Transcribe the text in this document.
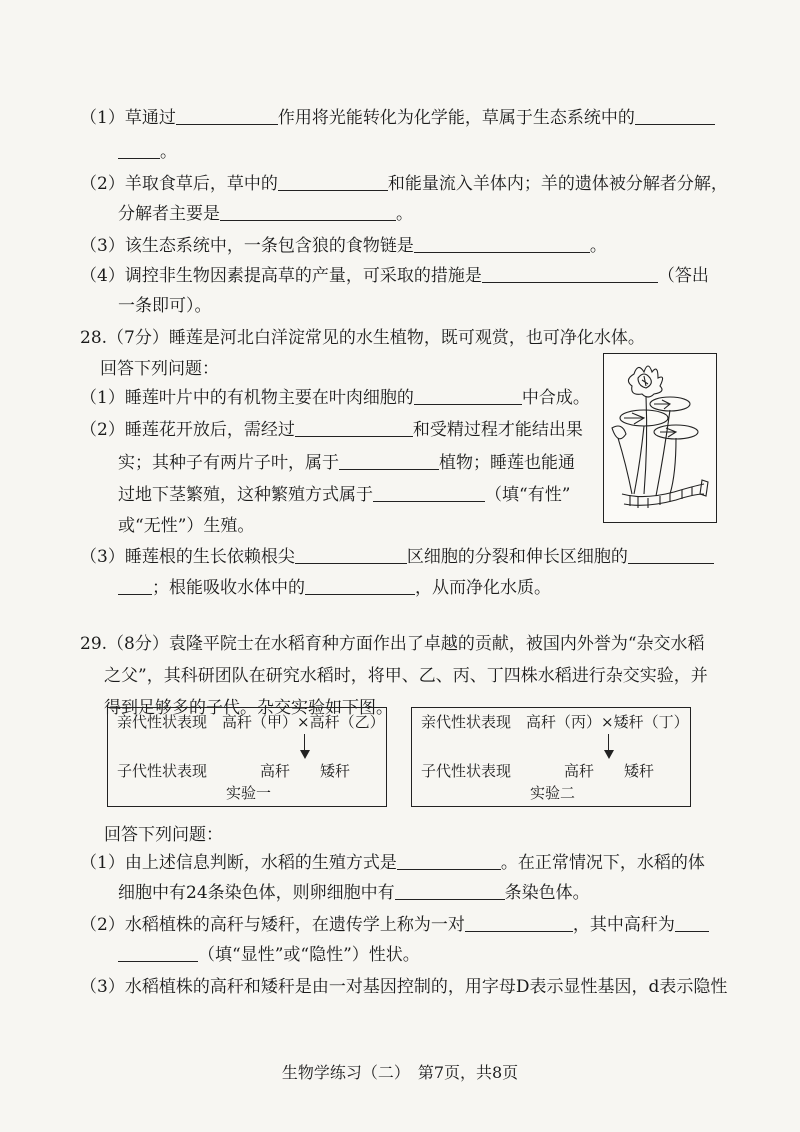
（1）草通过	作用将光能转化为化学能，草属于生态系统中的
。
（2）羊取食草后，草中的	和能量流入羊体内；羊的遗体被分解者分解，
分解者主要是	。
（3）该生态系统中，一条包含狼的食物链是	。
（4）调控非生物因素提高草的产量，可采取的措施是	（答出
一条即可）。
28.（7分）睡莲是河北白洋淀常见的水生植物，既可观赏，也可净化水体。
回答下列问题：
（1）睡莲叶片中的有机物主要在叶肉细胞的	中合成。
（2）睡莲花开放后，需经过	和受精过程才能结出果
实；其种子有两片子叶，属于	植物；睡莲也能通
过地下茎繁殖，这种繁殖方式属于	（填“有性”
或“无性”）生殖。
（3）睡莲根的生长依赖根尖	区细胞的分裂和伸长区细胞的
；根能吸收水体中的	，从而净化水质。
29.（8分）袁隆平院士在水稻育种方面作出了卓越的贡献，被国内外誉为“杂交水稻
之父”，其科研团队在研究水稻时，将甲、乙、丙、丁四株水稻进行杂交实验，并
得到足够多的子代。杂交实验如下图。
亲代性状表现 高秆（甲）×高秆（乙）
子代性状表现	高秆 矮秆
实验一
亲代性状表现 高秆（丙）×矮秆（丁）
子代性状表现	高秆 矮秆
实验二
回答下列问题：
（1）由上述信息判断，水稻的生殖方式是	。在正常情况下，水稻的体
细胞中有24条染色体，则卵细胞中有	条染色体。
（2）水稻植株的高秆与矮秆，在遗传学上称为一对	，其中高秆为
（填“显性”或“隐性”）性状。
（3）水稻植株的高秆和矮秆是由一对基因控制的，用字母D表示显性基因，d表示隐性
生物学练习（二）　第7页，共8页
